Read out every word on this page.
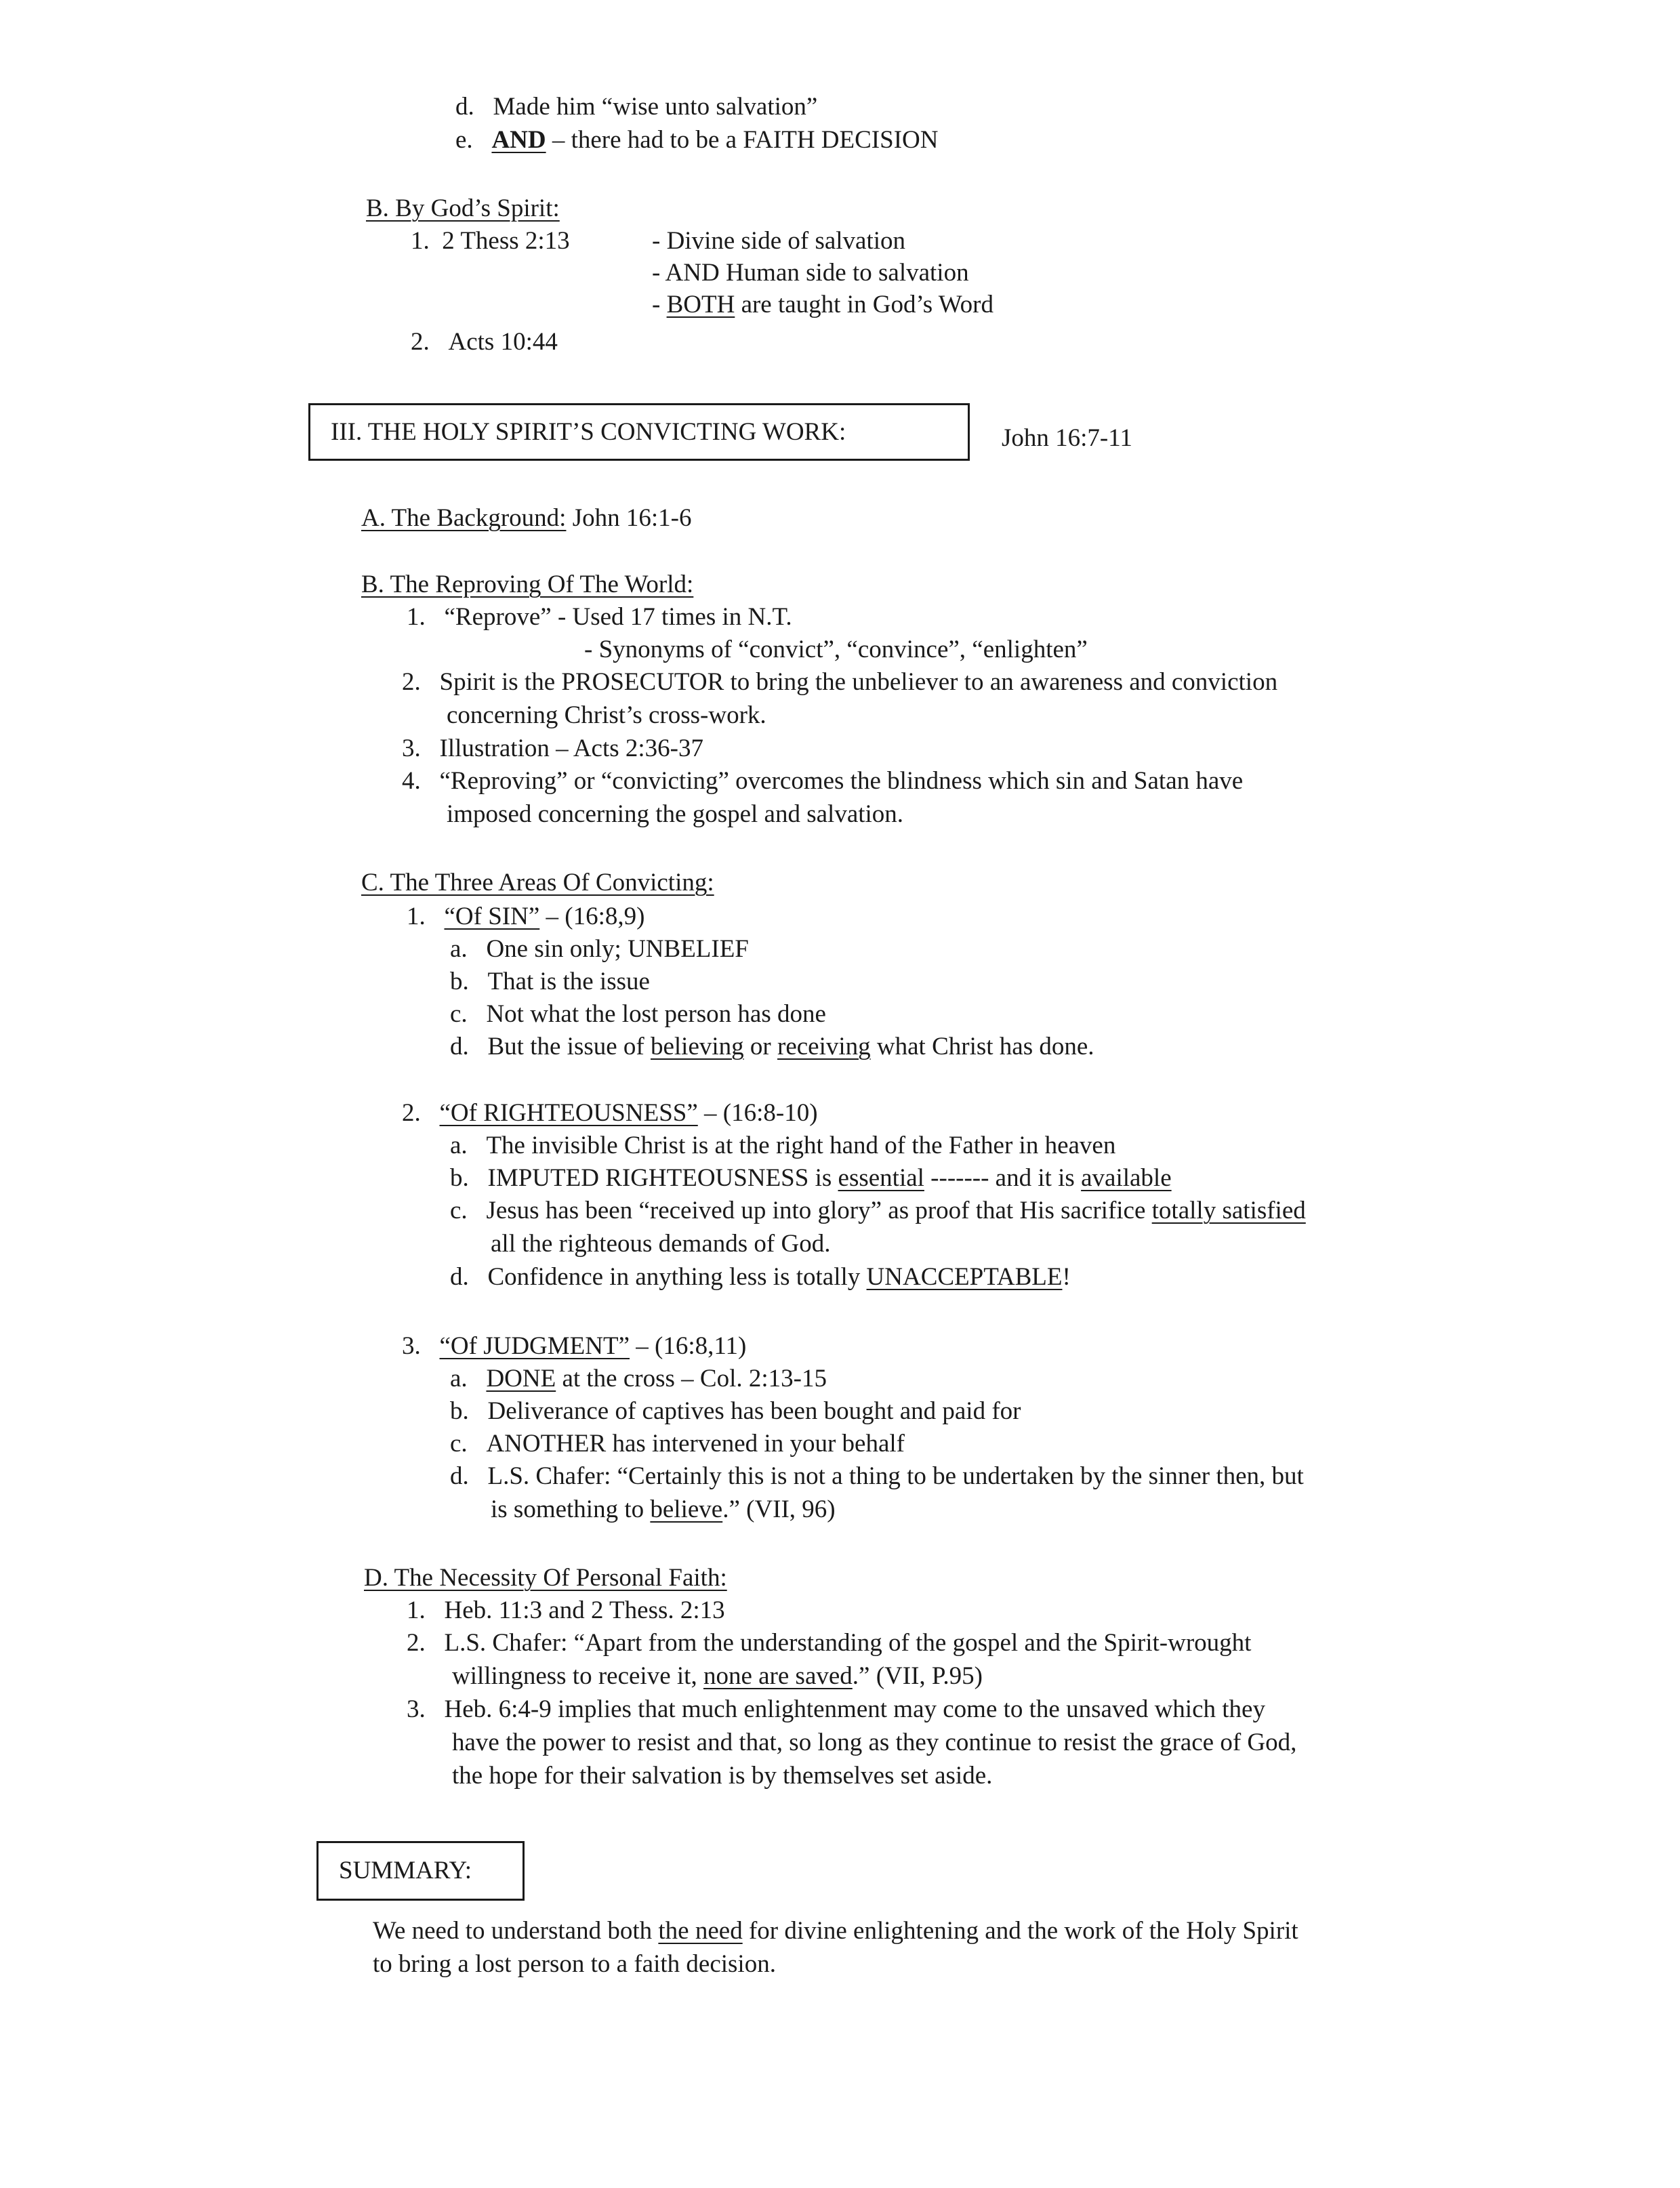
d. Made him “wise unto salvation”
e. AND – there had to be a FAITH DECISION
B. By God’s Spirit:
1. 2 Thess 2:13	- Divine side of salvation
- AND Human side to salvation
- BOTH are taught in God’s Word
2. Acts 10:44
III. THE HOLY SPIRIT’S CONVICTING WORK:	John 16:7-11
A. The Background: John 16:1-6
B. The Reproving Of The World:
1. “Reprove” - Used 17 times in N.T.
- Synonyms of “convict”, “convince”, “enlighten”
2. Spirit is the PROSECUTOR to bring the unbeliever to an awareness and conviction
concerning Christ’s cross-work.
3. Illustration – Acts 2:36-37
4. “Reproving” or “convicting” overcomes the blindness which sin and Satan have
imposed concerning the gospel and salvation.
C. The Three Areas Of Convicting:
1. “Of SIN” – (16:8,9)
a. One sin only; UNBELIEF
b. That is the issue
c. Not what the lost person has done
d. But the issue of believing or receiving what Christ has done.
2. “Of RIGHTEOUSNESS” – (16:8-10)
a. The invisible Christ is at the right hand of the Father in heaven
b. IMPUTED RIGHTEOUSNESS is essential ------- and it is available
c. Jesus has been “received up into glory” as proof that His sacrifice totally satisfied
all the righteous demands of God.
d. Confidence in anything less is totally UNACCEPTABLE!
3. “Of JUDGMENT” – (16:8,11)
a. DONE at the cross – Col. 2:13-15
b. Deliverance of captives has been bought and paid for
c. ANOTHER has intervened in your behalf
d. L.S. Chafer: “Certainly this is not a thing to be undertaken by the sinner then, but
is something to believe.” (VII, 96)
D. The Necessity Of Personal Faith:
1. Heb. 11:3 and 2 Thess. 2:13
2. L.S. Chafer: “Apart from the understanding of the gospel and the Spirit-wrought
willingness to receive it, none are saved.” (VII, P.95)
3. Heb. 6:4-9 implies that much enlightenment may come to the unsaved which they
have the power to resist and that, so long as they continue to resist the grace of God,
the hope for their salvation is by themselves set aside.
SUMMARY:
We need to understand both the need for divine enlightening and the work of the Holy Spirit
to bring a lost person to a faith decision.
